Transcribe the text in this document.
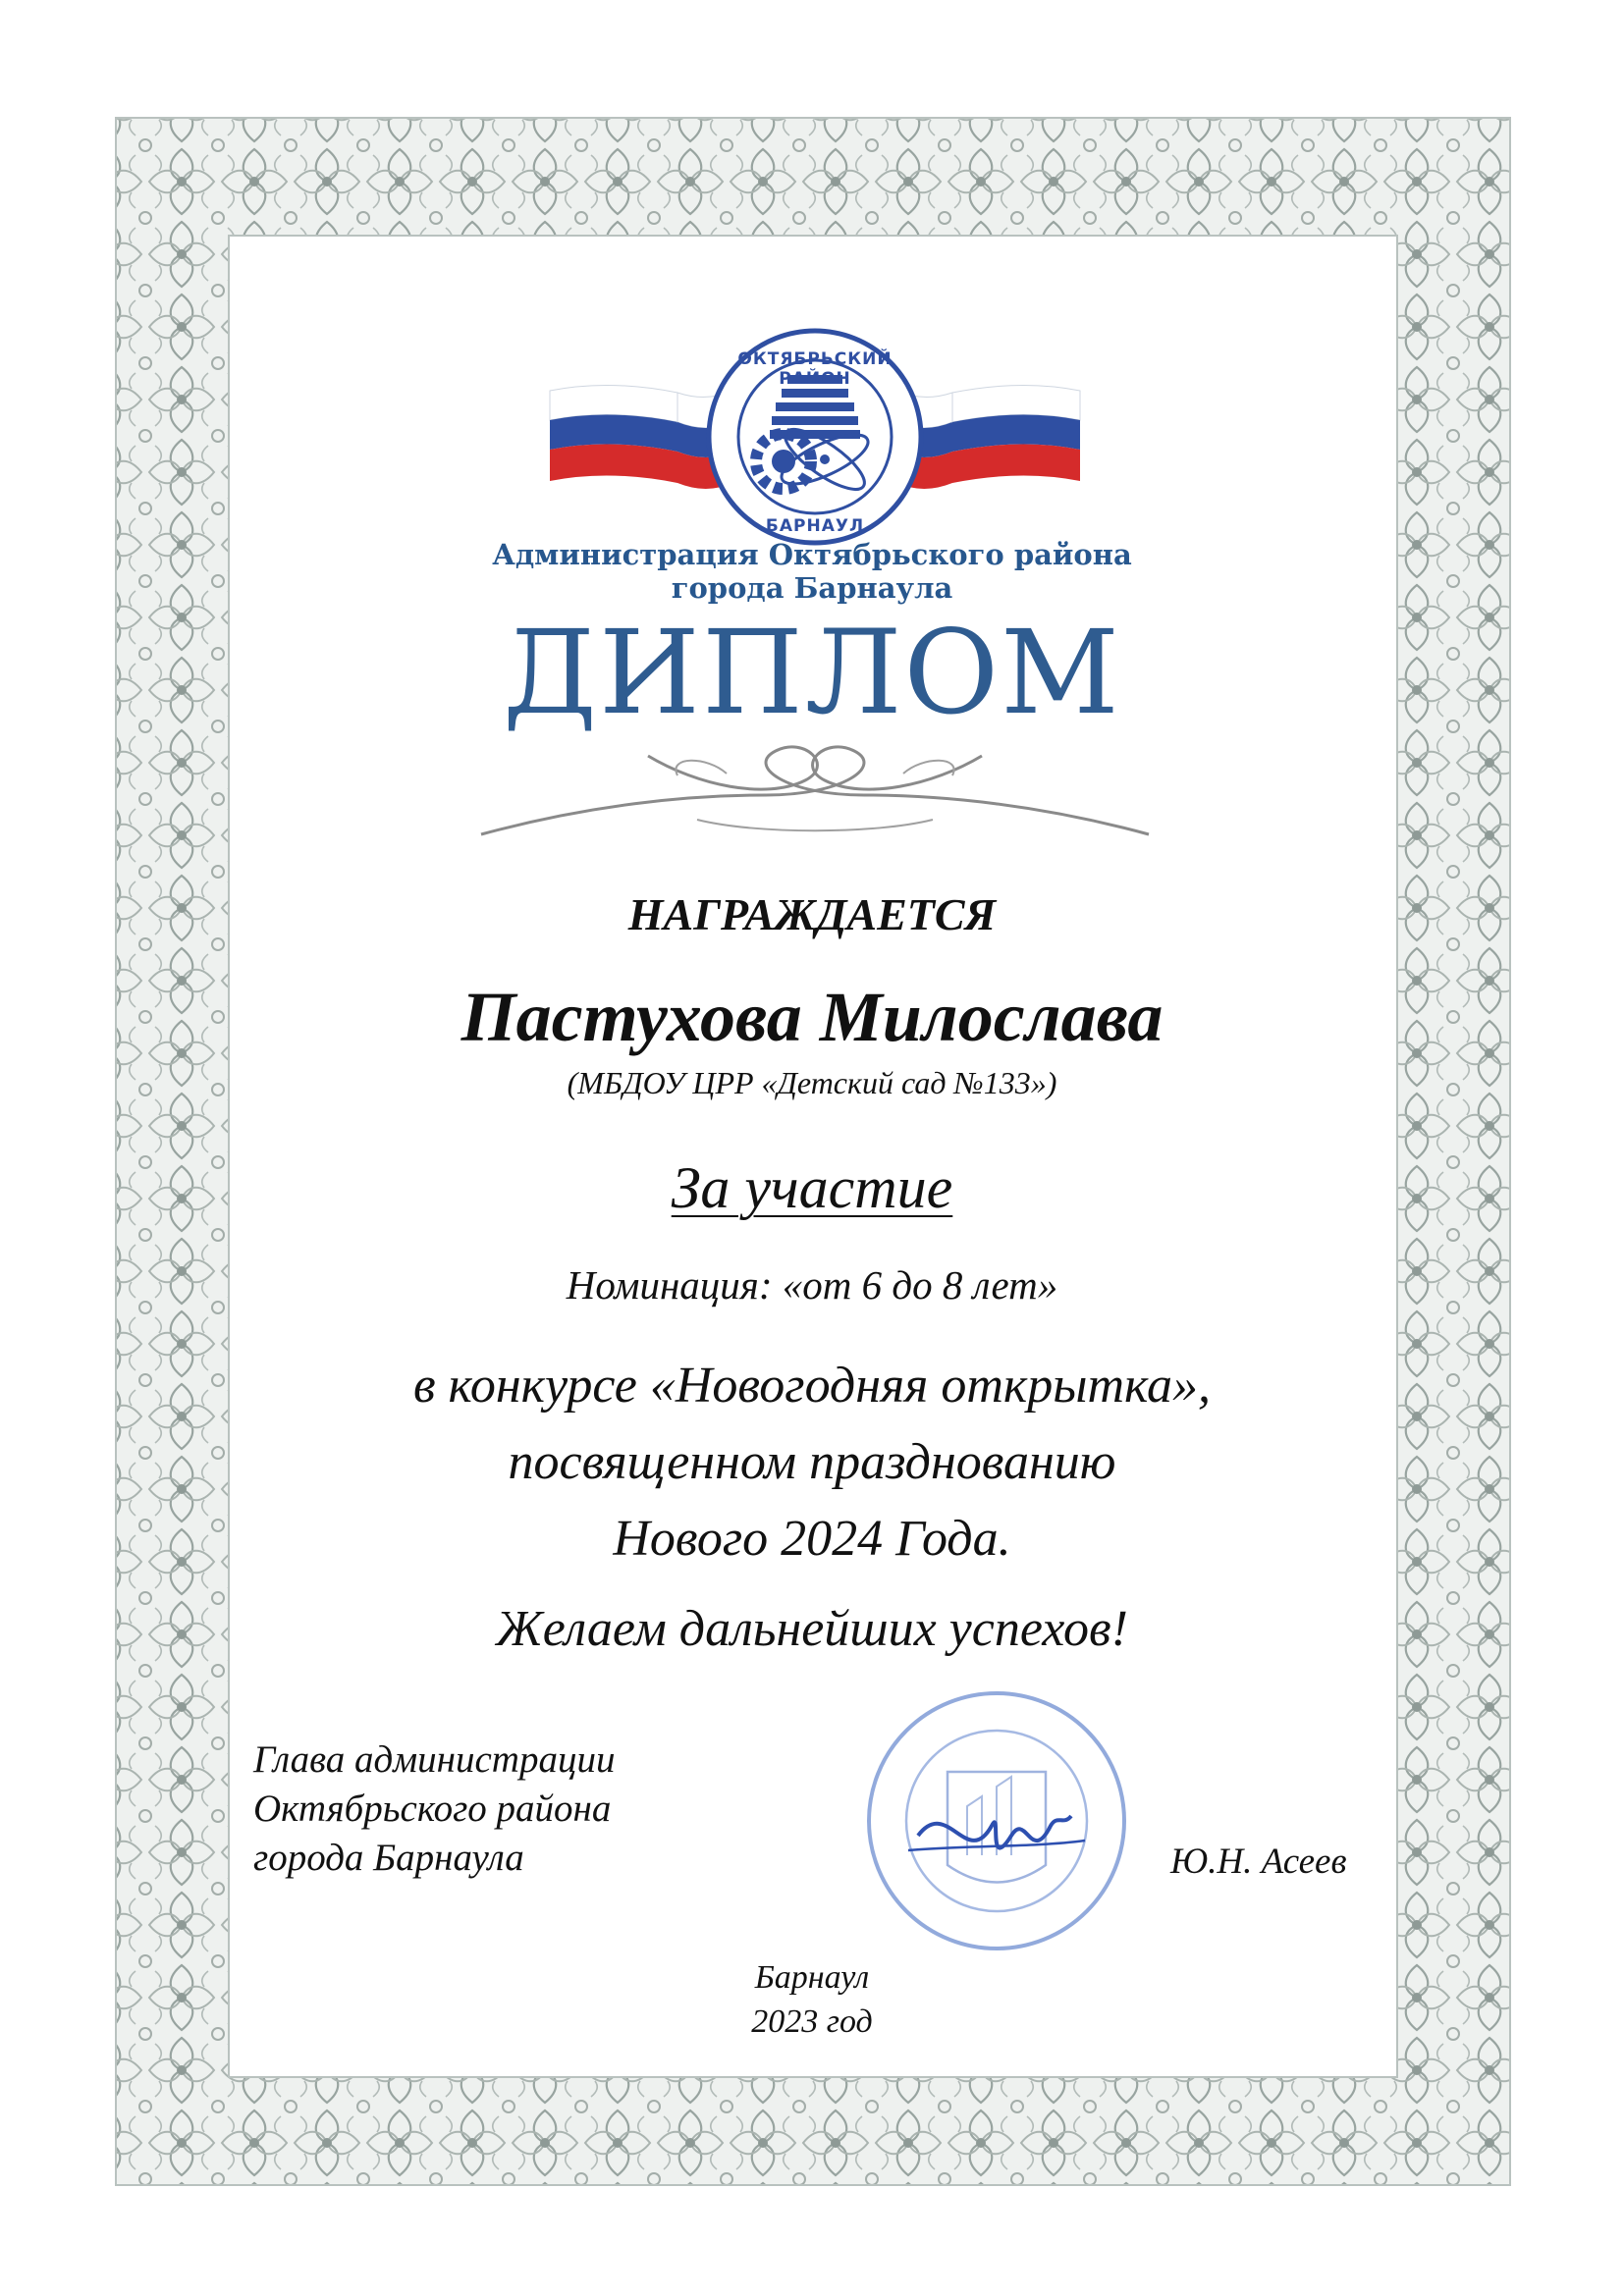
ОКТЯБРЬСКИЙ РАЙОН
БАРНАУЛ
Администрация Октябрьского района
города Барнаула
ДИПЛОМ
НАГРАЖДАЕТСЯ
Пастухова Милослава
(МБДОУ ЦРР «Детский сад №133»)
За участие
Номинация: «от 6 до 8 лет»
в конкурсе «Новогодняя открытка»,
посвященном празднованию
Нового 2024 Года.
Желаем дальнейших успехов!
Глава администрации
Октябрьского района
города Барнаула	Ю.Н. Асеев
Барнаул
2023 год
